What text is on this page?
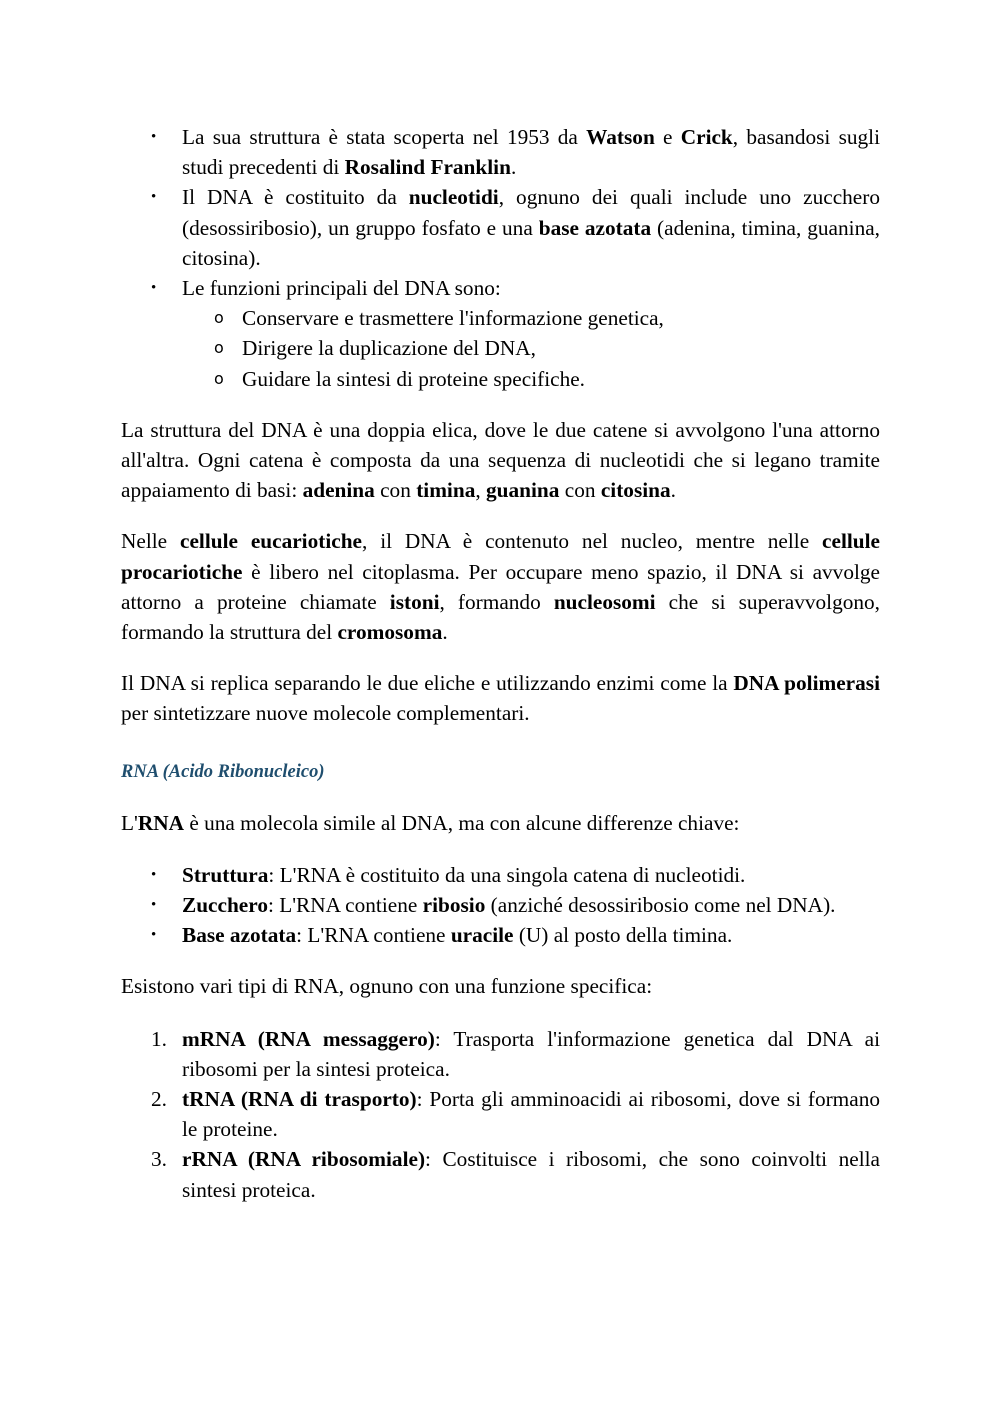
• La sua struttura è stata scoperta nel 1953 da Watson e Crick, basandosi sugli studi precedenti di Rosalind Franklin.
• Il DNA è costituito da nucleotidi, ognuno dei quali include uno zucchero (desossiribosio), un gruppo fosfato e una base azotata (adenina, timina, guanina, citosina).
• Le funzioni principali del DNA sono:
o Conservare e trasmettere l'informazione genetica,
o Dirigere la duplicazione del DNA,
o Guidare la sintesi di proteine specifiche.

La struttura del DNA è una doppia elica, dove le due catene si avvolgono l'una attorno all'altra. Ogni catena è composta da una sequenza di nucleotidi che si legano tramite appaiamento di basi: adenina con timina, guanina con citosina.

Nelle cellule eucariotiche, il DNA è contenuto nel nucleo, mentre nelle cellule procariotiche è libero nel citoplasma. Per occupare meno spazio, il DNA si avvolge attorno a proteine chiamate istoni, formando nucleosomi che si superavvolgono, formando la struttura del cromosoma.

Il DNA si replica separando le due eliche e utilizzando enzimi come la DNA polimerasi per sintetizzare nuove molecole complementari.

RNA (Acido Ribonucleico)

L'RNA è una molecola simile al DNA, ma con alcune differenze chiave:

• Struttura: L'RNA è costituito da una singola catena di nucleotidi.
• Zucchero: L'RNA contiene ribosio (anziché desossiribosio come nel DNA).
• Base azotata: L'RNA contiene uracile (U) al posto della timina.

Esistono vari tipi di RNA, ognuno con una funzione specifica:

1. mRNA (RNA messaggero): Trasporta l'informazione genetica dal DNA ai ribosomi per la sintesi proteica.
2. tRNA (RNA di trasporto): Porta gli amminoacidi ai ribosomi, dove si formano le proteine.
3. rRNA (RNA ribosomiale): Costituisce i ribosomi, che sono coinvolti nella sintesi proteica.
